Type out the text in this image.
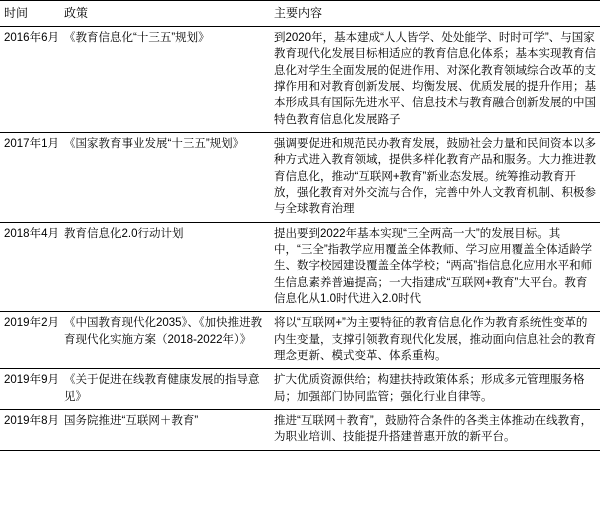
时间	政策	主要内容
2016年6月	《教育信息化“十三五”规划》	到2020年，基本建成“人人皆学、处处能学、时时可学”、与国家教育现代化发展目标相适应的教育信息化体系；基本实现教育信息化对学生全面发展的促进作用、对深化教育领域综合改革的支撑作用和对教育创新发展、均衡发展、优质发展的提升作用；基本形成具有国际先进水平、信息技术与教育融合创新发展的中国特色教育信息化发展路子
2017年1月	《国家教育事业发展“十三五”规划》	强调要促进和规范民办教育发展，鼓励社会力量和民间资本以多种方式进入教育领域，提供多样化教育产品和服务。大力推进教育信息化，推动“互联网+教育”新业态发展。统筹推动教育开放，强化教育对外交流与合作，完善中外人文教育机制、积极参与全球教育治理
2018年4月	教育信息化2.0行动计划	提出要到2022年基本实现“三全两高一大”的发展目标。其中，“三全”指教学应用覆盖全体教师、学习应用覆盖全体适龄学生、数字校园建设覆盖全体学校；“两高”指信息化应用水平和师生信息素养普遍提高；一大指建成“互联网+教育”大平台。教育信息化从1.0时代进入2.0时代
2019年2月	《中国教育现代化2035》、《加快推进教育现代化实施方案（2018-2022年）》	将以“互联网+”为主要特征的教育信息化作为教育系统性变革的内生变量，支撑引领教育现代化发展，推动面向信息社会的教育理念更新、模式变革、体系重构。
2019年9月	《关于促进在线教育健康发展的指导意见》	扩大优质资源供给；构建扶持政策体系；形成多元管理服务格局；加强部门协同监管；强化行业自律等。
2019年8月	国务院推进“互联网＋教育”	推进“互联网＋教育”，鼓励符合条件的各类主体推动在线教育，为职业培训、技能提升搭建普惠开放的新平台。
